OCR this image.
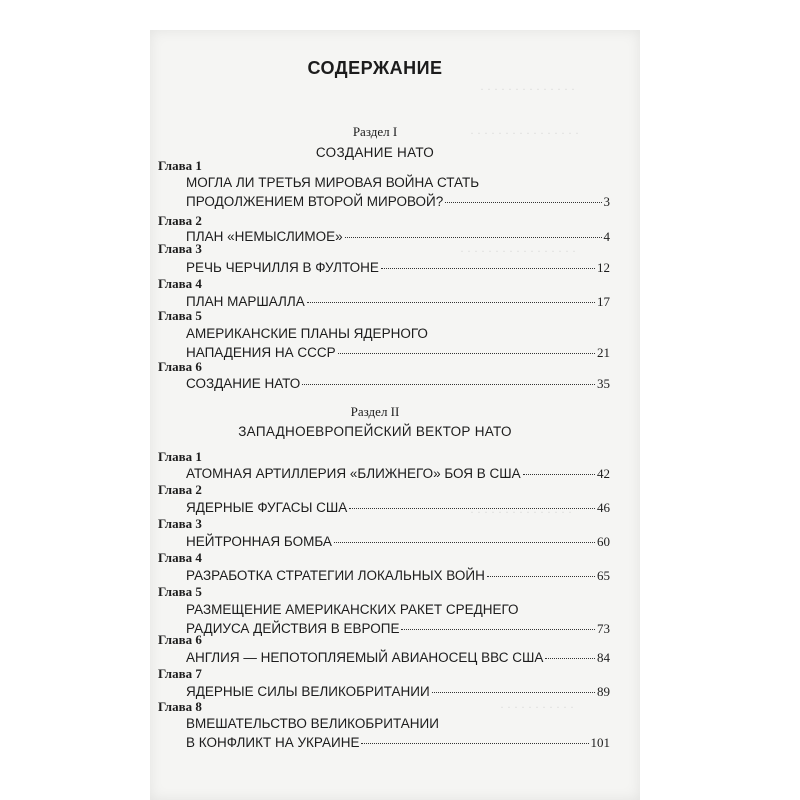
· · · · · · · · · · · · · ·
· · · · · · · · · · · · · · · ·
· · · · · · · · · · · · · · · · ·
· · · · · · · · · · · · · · ·
· · · · · · · · · · ·
СОДЕРЖАНИЕ
Раздел I
СОЗДАНИЕ НАТО
Глава 1
МОГЛА ЛИ ТРЕТЬЯ МИРОВАЯ ВОЙНА СТАТЬ
ПРОДОЛЖЕНИЕМ ВТОРОЙ МИРОВОЙ?	3
Глава 2
ПЛАН «НЕМЫСЛИМОЕ»	4
Глава 3
РЕЧЬ ЧЕРЧИЛЛЯ В ФУЛТОНЕ	12
Глава 4
ПЛАН МАРШАЛЛА	17
Глава 5
АМЕРИКАНСКИЕ ПЛАНЫ ЯДЕРНОГО
НАПАДЕНИЯ НА СССР	21
Глава 6
СОЗДАНИЕ НАТО	35
Раздел II
ЗАПАДНОЕВРОПЕЙСКИЙ ВЕКТОР НАТО
Глава 1
АТОМНАЯ АРТИЛЛЕРИЯ «БЛИЖНЕГО» БОЯ В США	42
Глава 2
ЯДЕРНЫЕ ФУГАСЫ США	46
Глава 3
НЕЙТРОННАЯ БОМБА	60
Глава 4
РАЗРАБОТКА СТРАТЕГИИ ЛОКАЛЬНЫХ ВОЙН	65
Глава 5
РАЗМЕЩЕНИЕ АМЕРИКАНСКИХ РАКЕТ СРЕДНЕГО
РАДИУСА ДЕЙСТВИЯ В ЕВРОПЕ	73
Глава 6
АНГЛИЯ — НЕПОТОПЛЯЕМЫЙ АВИАНОСЕЦ ВВС США	84
Глава 7
ЯДЕРНЫЕ СИЛЫ ВЕЛИКОБРИТАНИИ	89
Глава 8
ВМЕШАТЕЛЬСТВО ВЕЛИКОБРИТАНИИ
В КОНФЛИКТ НА УКРАИНЕ	101
